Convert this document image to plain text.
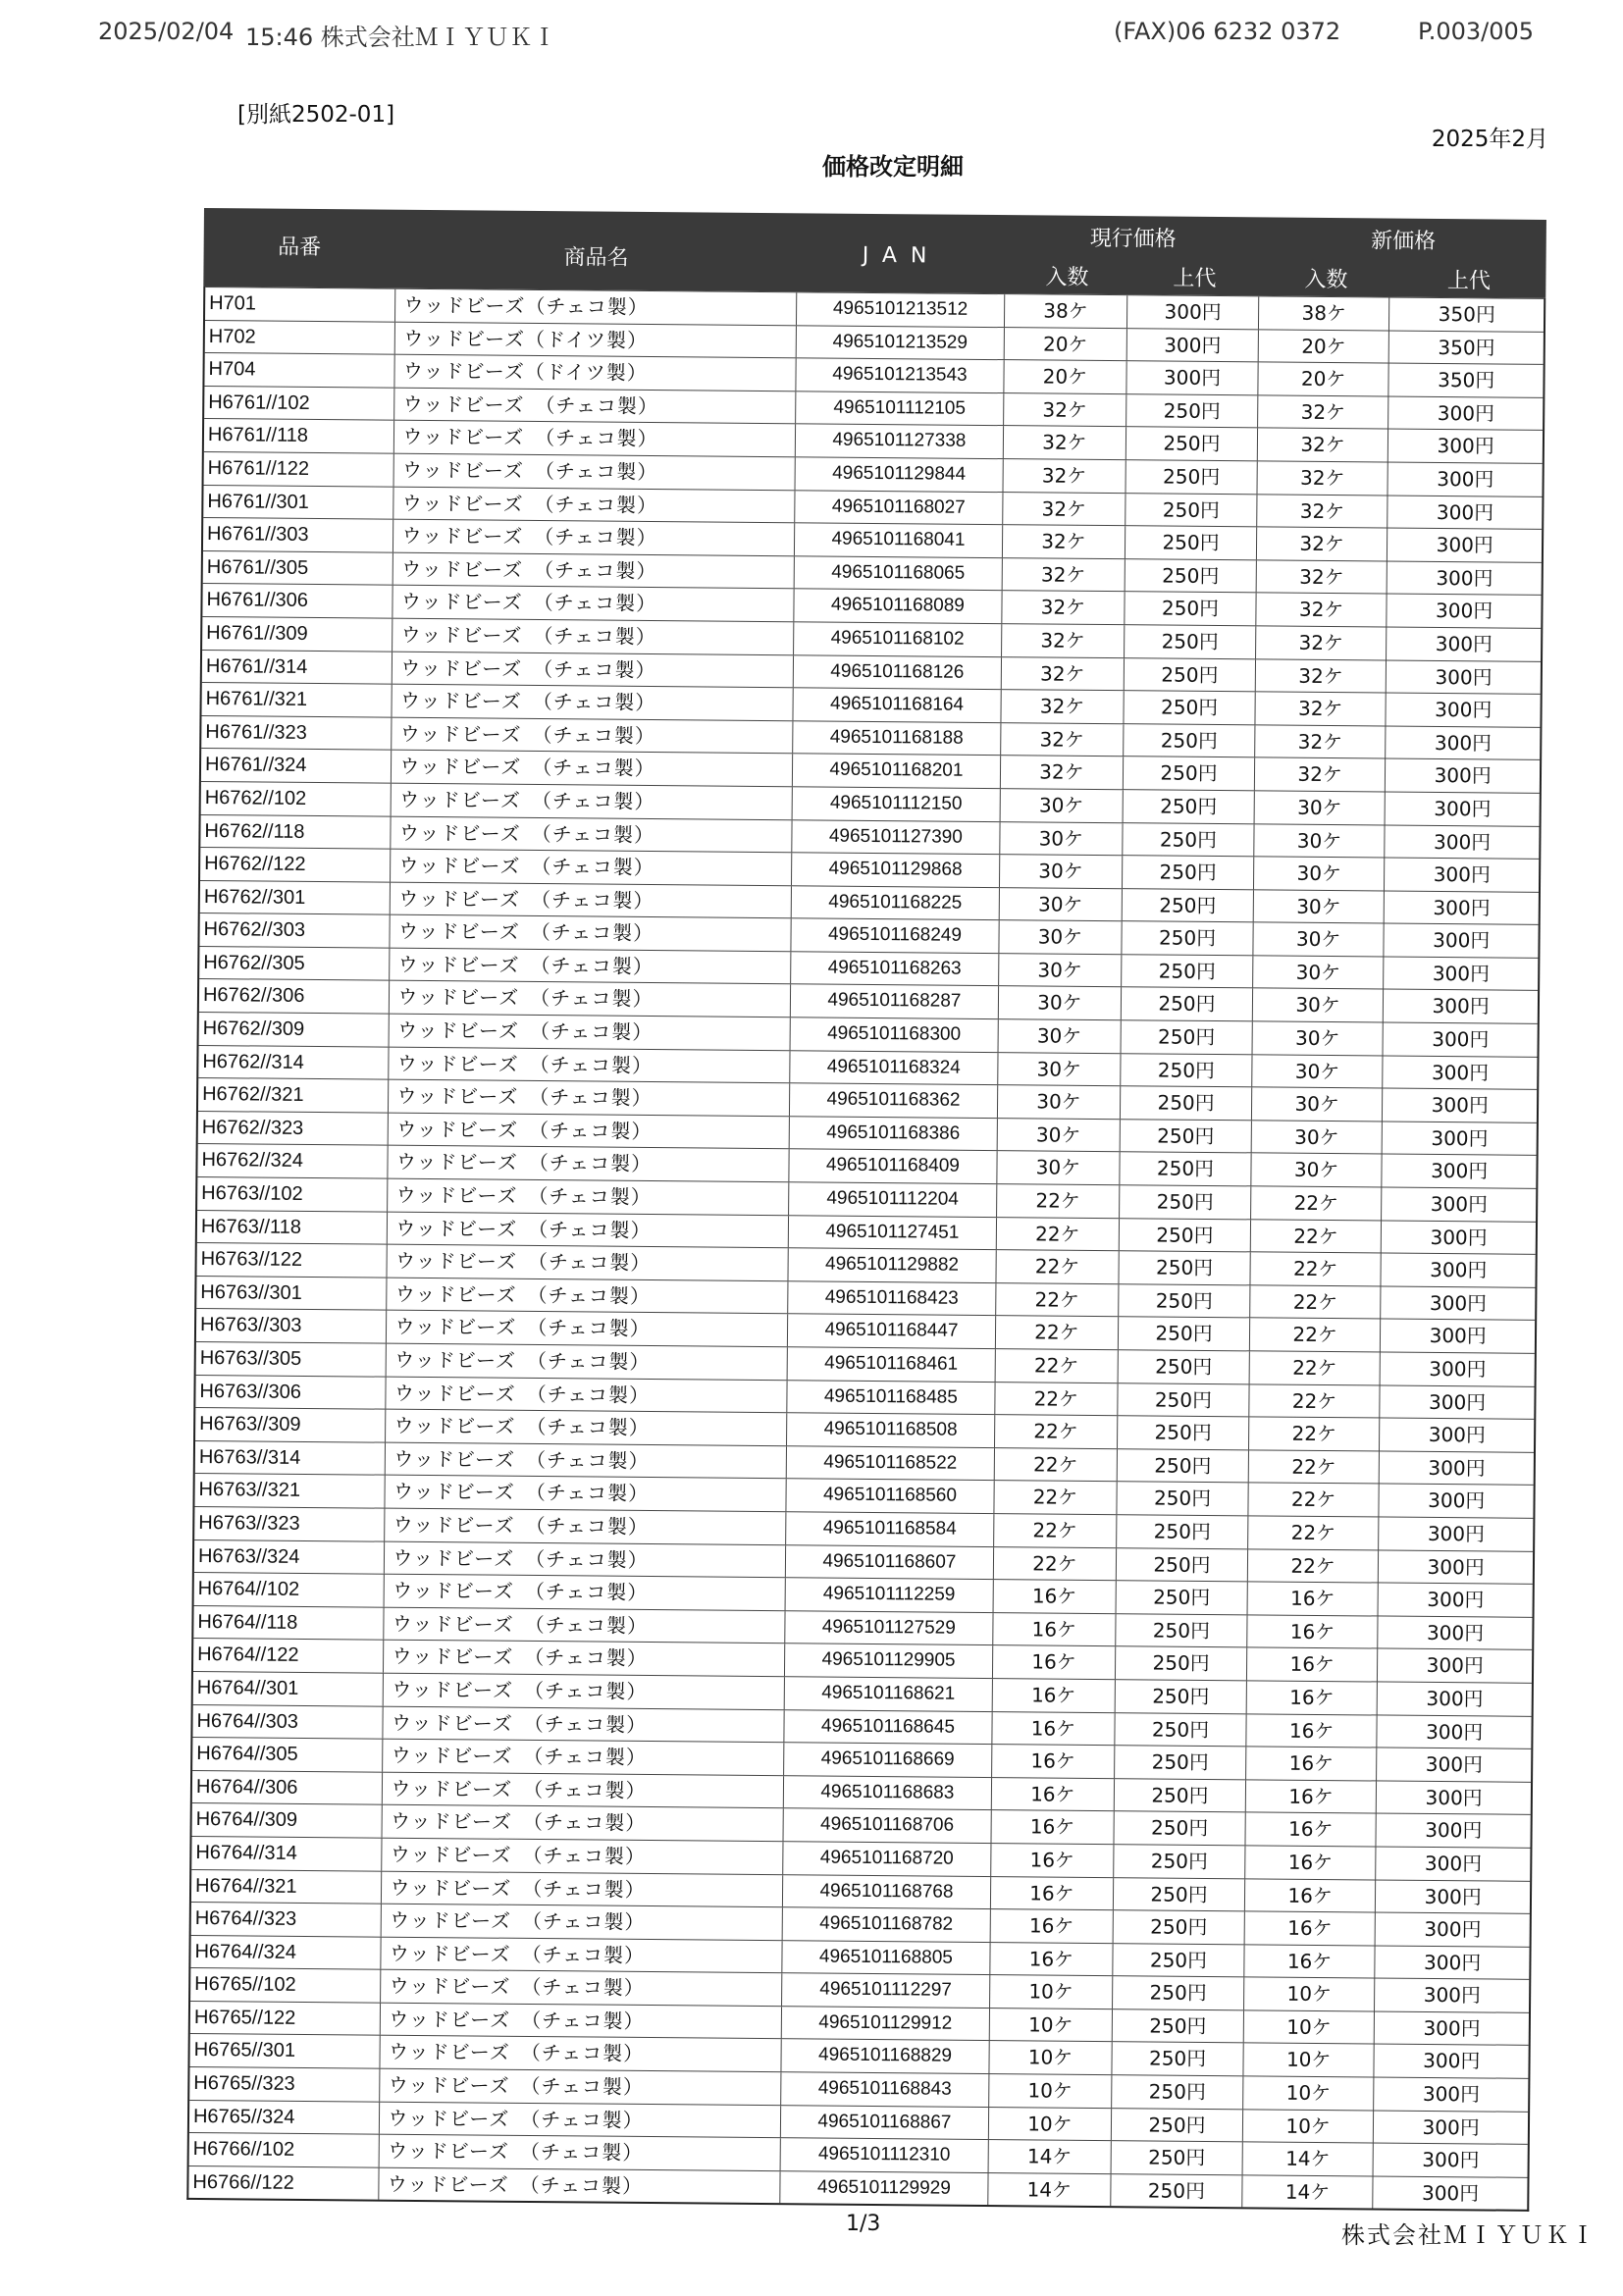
2025/02/04 15:46 株式会社ＭＩＹＵＫＩ	(FAX)06 6232 0372	P.003/005
[別紙2502-01]
2025年2月
価格改定明細
品番	商品名	JAN
現行価格	新価格
入数	上代	入数	上代
H701	ウッドビーズ（チェコ製）	4965101213512	38ケ	300円	38ケ	350円
H702	ウッドビーズ（ドイツ製）	4965101213529	20ケ	300円	20ケ	350円
H704	ウッドビーズ（ドイツ製）	4965101213543	20ケ	300円	20ケ	350円
H6761//102	ウッドビーズ　（チェコ製）	4965101112105	32ケ	250円	32ケ	300円
H6761//118	ウッドビーズ　（チェコ製）	4965101127338	32ケ	250円	32ケ	300円
H6761//122	ウッドビーズ　（チェコ製）	4965101129844	32ケ	250円	32ケ	300円
H6761//301	ウッドビーズ　（チェコ製）	4965101168027	32ケ	250円	32ケ	300円
H6761//303	ウッドビーズ　（チェコ製）	4965101168041	32ケ	250円	32ケ	300円
H6761//305	ウッドビーズ　（チェコ製）	4965101168065	32ケ	250円	32ケ	300円
H6761//306	ウッドビーズ　（チェコ製）	4965101168089	32ケ	250円	32ケ	300円
H6761//309	ウッドビーズ　（チェコ製）	4965101168102	32ケ	250円	32ケ	300円
H6761//314	ウッドビーズ　（チェコ製）	4965101168126	32ケ	250円	32ケ	300円
H6761//321	ウッドビーズ　（チェコ製）	4965101168164	32ケ	250円	32ケ	300円
H6761//323	ウッドビーズ　（チェコ製）	4965101168188	32ケ	250円	32ケ	300円
H6761//324	ウッドビーズ　（チェコ製）	4965101168201	32ケ	250円	32ケ	300円
H6762//102	ウッドビーズ　（チェコ製）	4965101112150	30ケ	250円	30ケ	300円
H6762//118	ウッドビーズ　（チェコ製）	4965101127390	30ケ	250円	30ケ	300円
H6762//122	ウッドビーズ　（チェコ製）	4965101129868	30ケ	250円	30ケ	300円
H6762//301	ウッドビーズ　（チェコ製）	4965101168225	30ケ	250円	30ケ	300円
H6762//303	ウッドビーズ　（チェコ製）	4965101168249	30ケ	250円	30ケ	300円
H6762//305	ウッドビーズ　（チェコ製）	4965101168263	30ケ	250円	30ケ	300円
H6762//306	ウッドビーズ　（チェコ製）	4965101168287	30ケ	250円	30ケ	300円
H6762//309	ウッドビーズ　（チェコ製）	4965101168300	30ケ	250円	30ケ	300円
H6762//314	ウッドビーズ　（チェコ製）	4965101168324	30ケ	250円	30ケ	300円
H6762//321	ウッドビーズ　（チェコ製）	4965101168362	30ケ	250円	30ケ	300円
H6762//323	ウッドビーズ　（チェコ製）	4965101168386	30ケ	250円	30ケ	300円
H6762//324	ウッドビーズ　（チェコ製）	4965101168409	30ケ	250円	30ケ	300円
H6763//102	ウッドビーズ　（チェコ製）	4965101112204	22ケ	250円	22ケ	300円
H6763//118	ウッドビーズ　（チェコ製）	4965101127451	22ケ	250円	22ケ	300円
H6763//122	ウッドビーズ　（チェコ製）	4965101129882	22ケ	250円	22ケ	300円
H6763//301	ウッドビーズ　（チェコ製）	4965101168423	22ケ	250円	22ケ	300円
H6763//303	ウッドビーズ　（チェコ製）	4965101168447	22ケ	250円	22ケ	300円
H6763//305	ウッドビーズ　（チェコ製）	4965101168461	22ケ	250円	22ケ	300円
H6763//306	ウッドビーズ　（チェコ製）	4965101168485	22ケ	250円	22ケ	300円
H6763//309	ウッドビーズ　（チェコ製）	4965101168508	22ケ	250円	22ケ	300円
H6763//314	ウッドビーズ　（チェコ製）	4965101168522	22ケ	250円	22ケ	300円
H6763//321	ウッドビーズ　（チェコ製）	4965101168560	22ケ	250円	22ケ	300円
H6763//323	ウッドビーズ　（チェコ製）	4965101168584	22ケ	250円	22ケ	300円
H6763//324	ウッドビーズ　（チェコ製）	4965101168607	22ケ	250円	22ケ	300円
H6764//102	ウッドビーズ　（チェコ製）	4965101112259	16ケ	250円	16ケ	300円
H6764//118	ウッドビーズ　（チェコ製）	4965101127529	16ケ	250円	16ケ	300円
H6764//122	ウッドビーズ　（チェコ製）	4965101129905	16ケ	250円	16ケ	300円
H6764//301	ウッドビーズ　（チェコ製）	4965101168621	16ケ	250円	16ケ	300円
H6764//303	ウッドビーズ　（チェコ製）	4965101168645	16ケ	250円	16ケ	300円
H6764//305	ウッドビーズ　（チェコ製）	4965101168669	16ケ	250円	16ケ	300円
H6764//306	ウッドビーズ　（チェコ製）	4965101168683	16ケ	250円	16ケ	300円
H6764//309	ウッドビーズ　（チェコ製）	4965101168706	16ケ	250円	16ケ	300円
H6764//314	ウッドビーズ　（チェコ製）	4965101168720	16ケ	250円	16ケ	300円
H6764//321	ウッドビーズ　（チェコ製）	4965101168768	16ケ	250円	16ケ	300円
H6764//323	ウッドビーズ　（チェコ製）	4965101168782	16ケ	250円	16ケ	300円
H6764//324	ウッドビーズ　（チェコ製）	4965101168805	16ケ	250円	16ケ	300円
H6765//102	ウッドビーズ　（チェコ製）	4965101112297	10ケ	250円	10ケ	300円
H6765//122	ウッドビーズ　（チェコ製）	4965101129912	10ケ	250円	10ケ	300円
H6765//301	ウッドビーズ　（チェコ製）	4965101168829	10ケ	250円	10ケ	300円
H6765//323	ウッドビーズ　（チェコ製）	4965101168843	10ケ	250円	10ケ	300円
H6765//324	ウッドビーズ　（チェコ製）	4965101168867	10ケ	250円	10ケ	300円
H6766//102	ウッドビーズ　（チェコ製）	4965101112310	14ケ	250円	14ケ	300円
H6766//122	ウッドビーズ　（チェコ製）	4965101129929	14ケ	250円	14ケ	300円
1/3	株式会社ＭＩＹＵＫＩ
